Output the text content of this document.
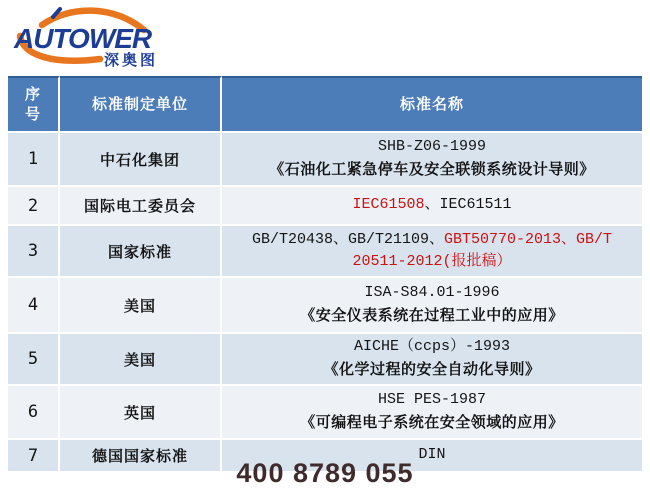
AUTOWER
深奥图
序号	标准制定单位	标准名称
1	中石化集团	SHB-Z06-1999
《石油化工紧急停车及安全联锁系统设计导则》

2	国际电工委员会	IEC61508、IEC61511

3	国家标准	GB/T20438、GB/T21109、GBT50770-2013、GB/T
20511-2012(报批稿）

4	美国	ISA-S84.01-1996
《安全仪表系统在过程工业中的应用》

5	美国	AICHE（ccps）-1993
《化学过程的安全自动化导则》

6	英国	HSE PES-1987
《可编程电子系统在安全领域的应用》

7	德国国家标准	DIN
400 8789 055
